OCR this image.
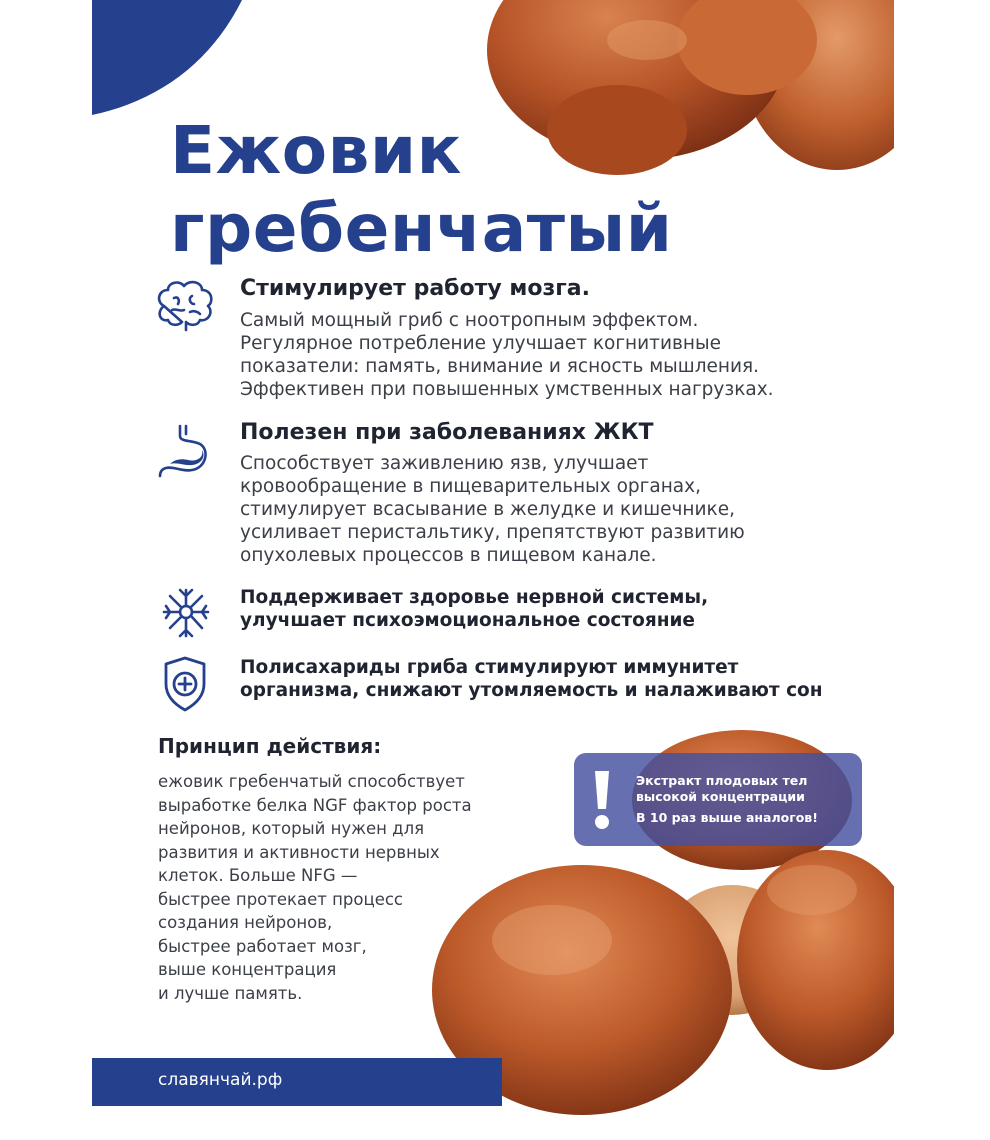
Ежовик
гребенчатый
Стимулирует работу мозга.

Самый мощный гриб с ноотропным эффектом.
Регулярное потребление улучшает когнитивные
показатели: память, внимание и ясность мышления.
Эффективен при повышенных умственных нагрузках.

Полезен при заболеваниях ЖКТ

Способствует заживлению язв, улучшает
кровообращение в пищеварительных органах,
стимулирует всасывание в желудке и кишечнике,
усиливает перистальтику, препятствуют развитию
опухолевых процессов в пищевом канале.

Поддерживает здоровье нервной системы,
улучшает психоэмоциональное состояние

Полисахариды гриба стимулируют иммунитет
организма, снижают утомляемость и налаживают сон

Принцип действия:

ежовик гребенчатый способствует
выработке белка NGF фактор роста
нейронов, который нужен для
развития и активности нервных
клеток. Больше NFG —
быстрее протекает процесс
создания нейронов,
быстрее работает мозг,
выше концентрация
и лучше память.

Экстракт плодовых тел

высокой концентрации

В 10 раз выше аналогов!

славянчай.рф
